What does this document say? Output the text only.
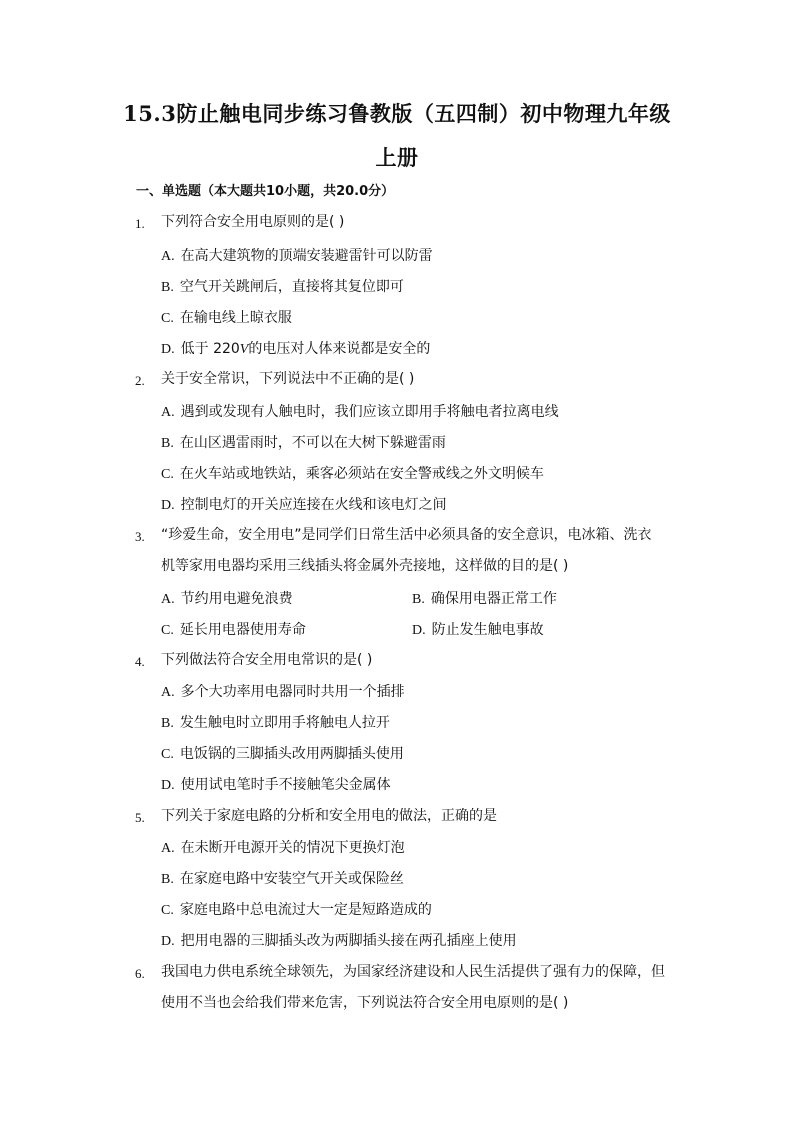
15.3防止触电同步练习鲁教版（五四制）初中物理九年级
上册
一、单选题（本大题共10小题，共20.0分）
1. 下列符合安全用电原则的是( )
A. 在高大建筑物的顶端安装避雷针可以防雷
B. 空气开关跳闸后，直接将其复位即可
C. 在输电线上晾衣服
D. 低于 220V的电压对人体来说都是安全的
2. 关于安全常识，下列说法中不正确的是( )
A. 遇到或发现有人触电时，我们应该立即用手将触电者拉离电线
B. 在山区遇雷雨时，不可以在大树下躲避雷雨
C. 在火车站或地铁站，乘客必须站在安全警戒线之外文明候车
D. 控制电灯的开关应连接在火线和该电灯之间
3. “珍爱生命，安全用电”是同学们日常生活中必须具备的安全意识，电冰箱、洗衣
机等家用电器均采用三线插头将金属外壳接地，这样做的目的是( )
A. 节约用电避免浪费	B. 确保用电器正常工作
C. 延长用电器使用寿命	D. 防止发生触电事故
4. 下列做法符合安全用电常识的是( )
A. 多个大功率用电器同时共用一个插排
B. 发生触电时立即用手将触电人拉开
C. 电饭锅的三脚插头改用两脚插头使用
D. 使用试电笔时手不接触笔尖金属体
5. 下列关于家庭电路的分析和安全用电的做法，正确的是
A. 在未断开电源开关的情况下更换灯泡
B. 在家庭电路中安装空气开关或保险丝
C. 家庭电路中总电流过大一定是短路造成的
D. 把用电器的三脚插头改为两脚插头接在两孔插座上使用
6. 我国电力供电系统全球领先，为国家经济建设和人民生活提供了强有力的保障，但
使用不当也会给我们带来危害，下列说法符合安全用电原则的是( )
